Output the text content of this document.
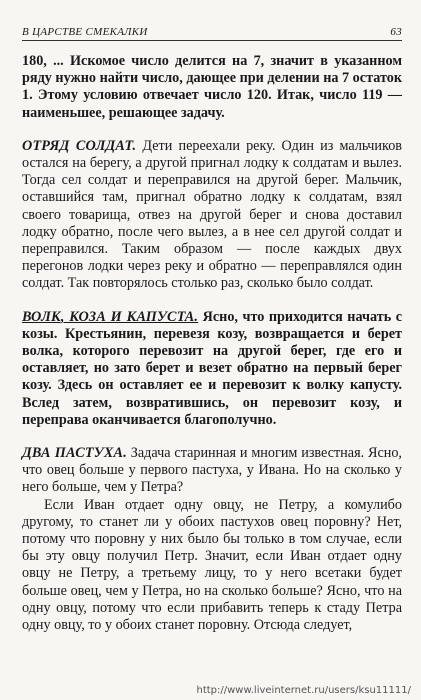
В ЦАРСТВЕ СМЕКАЛКИ	63

180, ... Искомое число делится на 7, значит в указанном ряду нужно найти число, дающее при делении на 7 остаток 1. Этому условию отвечает число 120. Итак, число 119 — наименьшее, решающее задачу.

ОТРЯД СОЛДАТ. Дети переехали реку. Один из мальчиков остался на берегу, а другой пригнал лодку к солдатам и вылез. Тогда сел солдат и переправился на другой берег. Мальчик, оставшийся там, пригнал обратно лодку к солдатам, взял своего товарища, отвез на другой берег и снова доставил лодку обратно, после чего вылез, а в нее сел другой солдат и переправился. Таким образом — после каждых двух перегонов лодки через реку и обратно — переправлялся один солдат. Так повторялось столько раз, сколько было солдат.

ВОЛК, КОЗА И КАПУСТА. Ясно, что приходится начать с козы. Крестьянин, перевезя козу, возвращается и берет волка, которого перевозит на другой берег, где его и оставляет, но зато берет и везет обратно на первый берег козу. Здесь он оставляет ее и перевозит к волку капусту. Вслед затем, возвратившись, он перевозит козу, и переправа оканчивается благополучно.

ДВА ПАСТУХА. Задача старинная и многим известная. Ясно, что овец больше у первого пастуха, у Ивана. Но на сколько у него больше, чем у Петра?

Если Иван отдает одну овцу, не Петру, а комулибо другому, то станет ли у обоих пастухов овец поровну? Нет, потому что поровну у них было бы только в том случае, если бы эту овцу получил Петр. Значит, если Иван отдает одну овцу не Петру, а третьему лицу, то у него всетаки будет больше овец, чем у Петра, но на сколько больше? Ясно, что на одну овцу, потому что если прибавить теперь к стаду Петра одну овцу, то у обоих станет поровну. Отсюда следует,

http://www.liveinternet.ru/users/ksu11111/
